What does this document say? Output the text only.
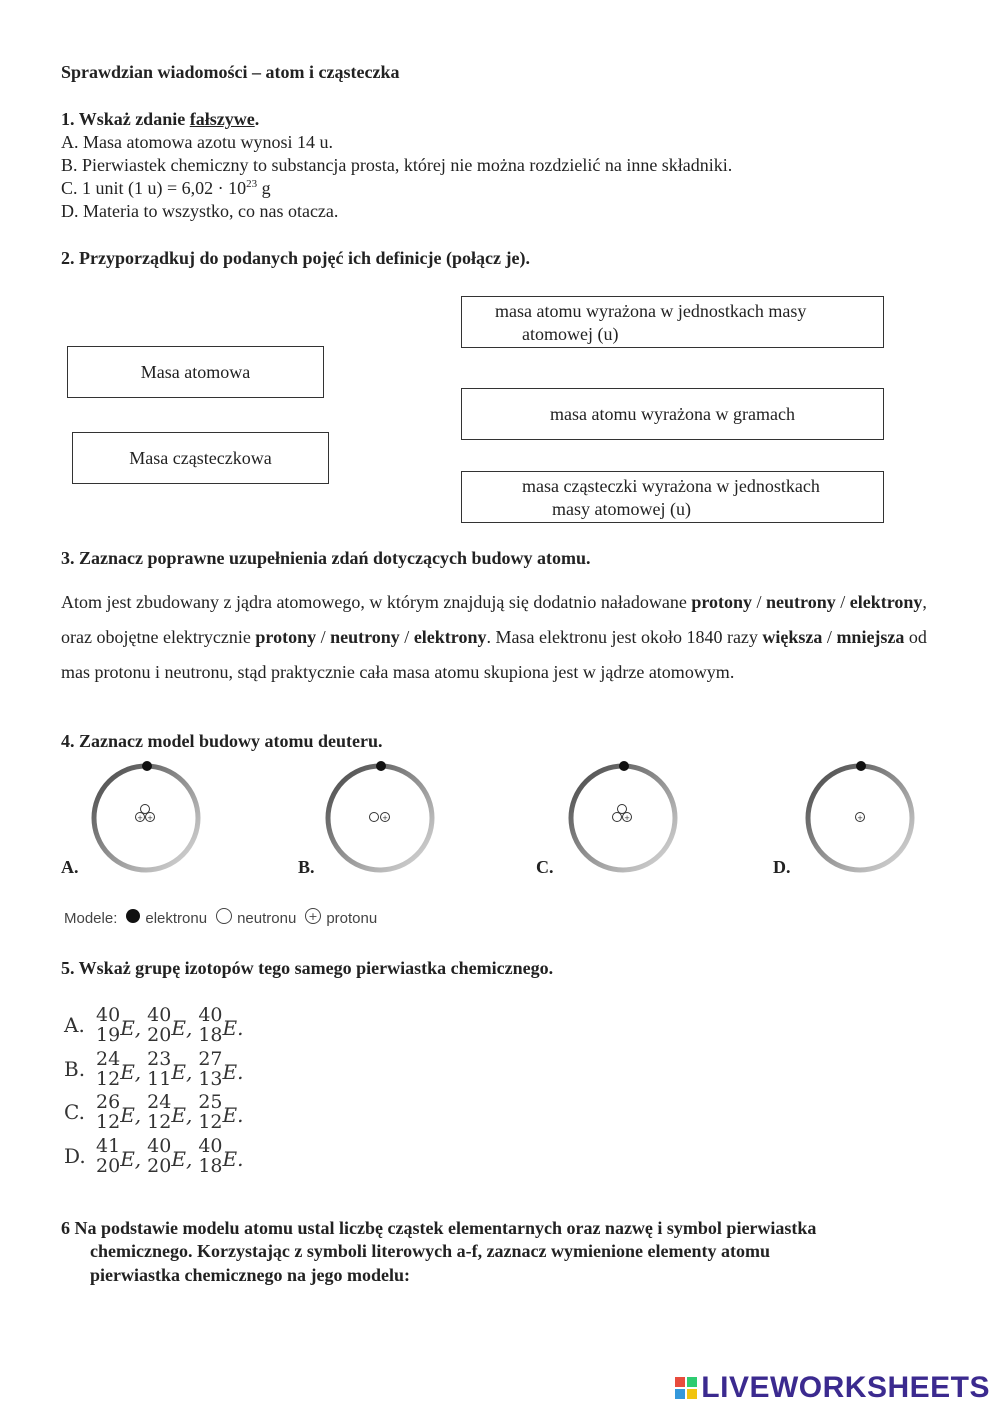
Sprawdzian wiadomości – atom i cząsteczka
1. Wskaż zdanie fałszywe.
A. Masa atomowa azotu wynosi 14 u.
B. Pierwiastek chemiczny to substancja prosta, której nie można rozdzielić na inne składniki.
C. 1 unit (1 $u) = 6,02 \cdot 10^{23}$ g
D. Materia to wszystko, co nas otacza.
2. Przyporządkuj do podanych pojęć ich definicje (połącz je).
Masa atomowa
Masa cząsteczkowa
masa atomu wyrażona w jednostkach masy
atomowej (u)
masa atomu wyrażona w gramach
masa cząsteczki wyrażona w jednostkach
masy atomowej (u)
3. Zaznacz poprawne uzupełnienia zdań dotyczących budowy atomu.
Atom jest zbudowany z jądra atomowego, w którym znajdują się dodatnio naładowane protony / neutrony / elektrony, oraz obojętne elektrycznie protony / neutrony / elektrony. Masa elektronu jest około 1840 razy większa / mniejsza od mas protonu i neutronu, stąd praktycznie cała masa atomu skupiona jest w jądrze atomowym.
4. Zaznacz model budowy atomu deuteru.
+ +	+	+	+
A.	B.	C.	D.
Modele: elektronu neutronu + protonu
5. Wskaż grupę izotopów tego samego pierwiastka chemicznego.
A. 40
19 E ,
40
20 E ,
40
18 E .
B. 24
12 E ,
23
11 E ,
27
13 E .
C. 26
12 E ,
24
12 E ,
25
12 E .
D. 41
20 E ,
40
20 E ,
40
18 E .
6 Na podstawie modelu atomu ustal liczbę cząstek elementarnych oraz nazwę i symbol pierwiastka
chemicznego. Korzystając z symboli literowych a-f, zaznacz wymienione elementy atomu
pierwiastka chemicznego na jego modelu:
LIVEWORKSHEETS
